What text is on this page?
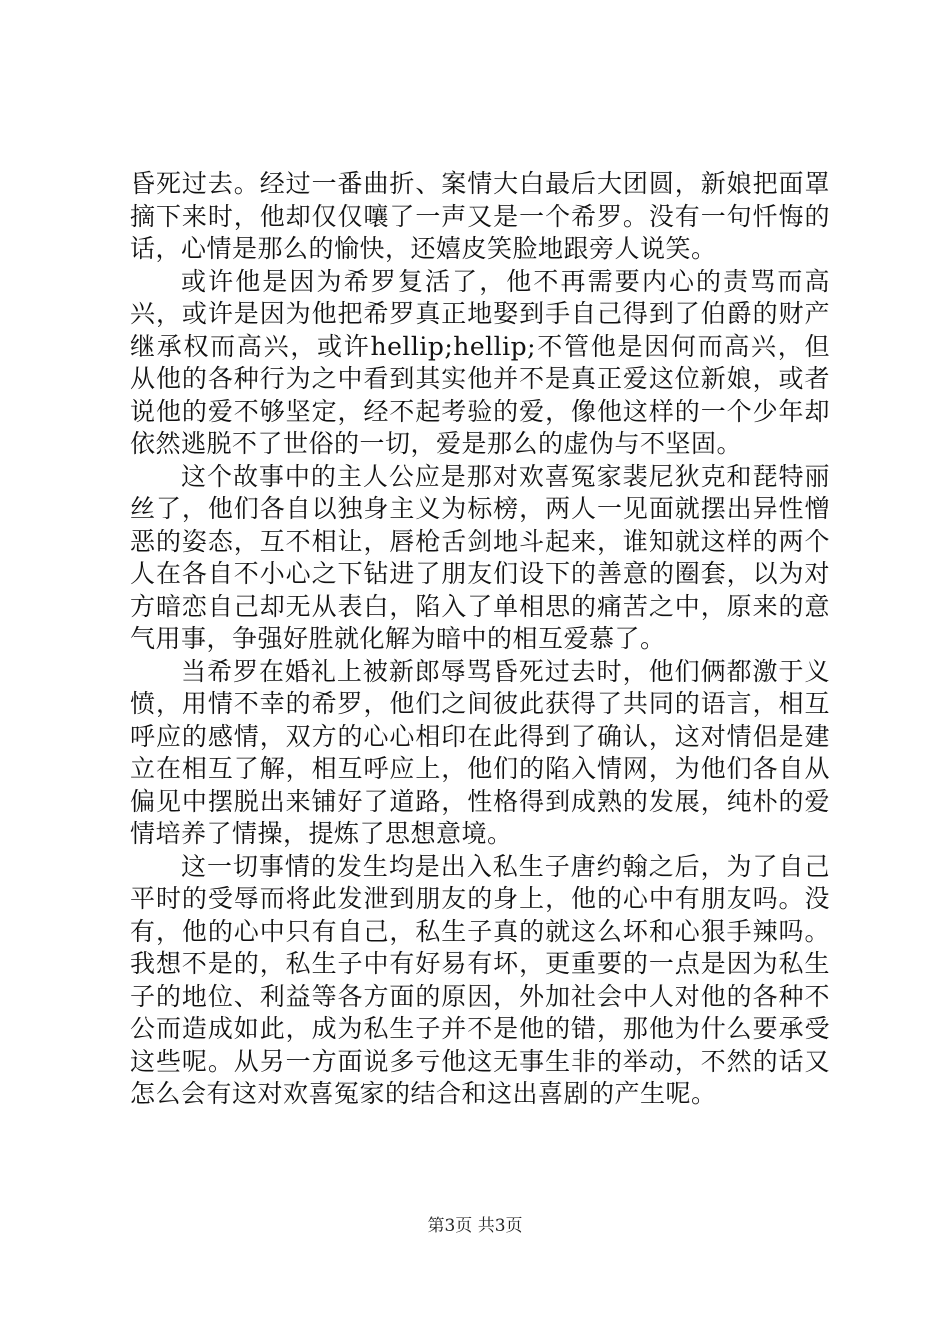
昏死过去。经过一番曲折、案情大白最后大团圆，新娘把面罩摘下来时，他却仅仅嚷了一声又是一个希罗。没有一句忏悔的话，心情是那么的愉快，还嬉皮笑脸地跟旁人说笑。

或许他是因为希罗复活了，他不再需要内心的责骂而高兴，或许是因为他把希罗真正地娶到手自己得到了伯爵的财产继承权而高兴，或许hellip;hellip;不管他是因何而高兴，但从他的各种行为之中看到其实他并不是真正爱这位新娘，或者说他的爱不够坚定，经不起考验的爱，像他这样的一个少年却依然逃脱不了世俗的一切，爱是那么的虚伪与不坚固。

这个故事中的主人公应是那对欢喜冤家裴尼狄克和琵特丽丝了，他们各自以独身主义为标榜，两人一见面就摆出异性憎恶的姿态，互不相让，唇枪舌剑地斗起来，谁知就这样的两个人在各自不小心之下钻进了朋友们设下的善意的圈套，以为对方暗恋自己却无从表白，陷入了单相思的痛苦之中，原来的意气用事，争强好胜就化解为暗中的相互爱慕了。

当希罗在婚礼上被新郎辱骂昏死过去时，他们俩都激于义愤，用情不幸的希罗，他们之间彼此获得了共同的语言，相互呼应的感情，双方的心心相印在此得到了确认，这对情侣是建立在相互了解，相互呼应上，他们的陷入情网，为他们各自从偏见中摆脱出来铺好了道路，性格得到成熟的发展，纯朴的爱情培养了情操，提炼了思想意境。

这一切事情的发生均是出入私生子唐约翰之后，为了自己平时的受辱而将此发泄到朋友的身上，他的心中有朋友吗。没有，他的心中只有自己，私生子真的就这么坏和心狠手辣吗。我想不是的，私生子中有好易有坏，更重要的一点是因为私生子的地位、利益等各方面的原因，外加社会中人对他的各种不公而造成如此，成为私生子并不是他的错，那他为什么要承受这些呢。从另一方面说多亏他这无事生非的举动，不然的话又怎么会有这对欢喜冤家的结合和这出喜剧的产生呢。

第3页 共3页
